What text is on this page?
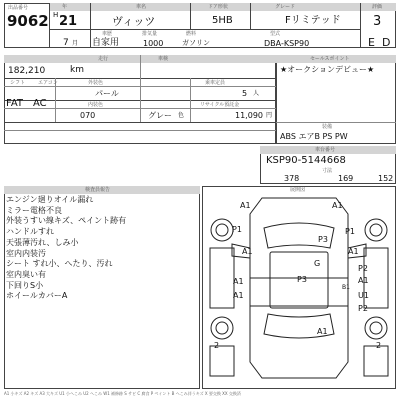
出品番号
9062
年	車名	ドア形状	グレード	評価
H 21	ヴィッツ	5HB	Fリミテッド 3
車歴	排気量	燃料	型式
7 月 自家用	1000	ガソリン	DBA-KSP90	E D
走行	車検
182,210	km
シフト	エアコン	外装色	乗車定員
FAT AC
パール	5 人
内装色	リサイクル預託金
070	グレー 色	11,090 円
セールスポイント
★オークションデビュー★
装備
ABS エアB PS PW
車台番号
KSP90-5144668
寸法
378	169	152
検査員報告
エンジン廻りオイル漏れ
ミラー電格不良
外装うすい線キズ、ペイント跡有
ハンドルすれ
天張薄汚れ、しみ小
室内内装汚
シート すれ小、へたり、汚れ
室内臭い有
下回りS小
ホイールカバーA
展開図
A1	A1
P1
P3
A1
G
A1
P1
P3
P2
A1	A1
U1
A1
P2
A1
B1
2	2
A1 小キズ A2 キズ A3 大キズ U1 小へこみ U2 へこみ W1 補修跡 S サビ C 腐食 P ペイント B へこみ伴うキズ X 要交換 XX 交換済
